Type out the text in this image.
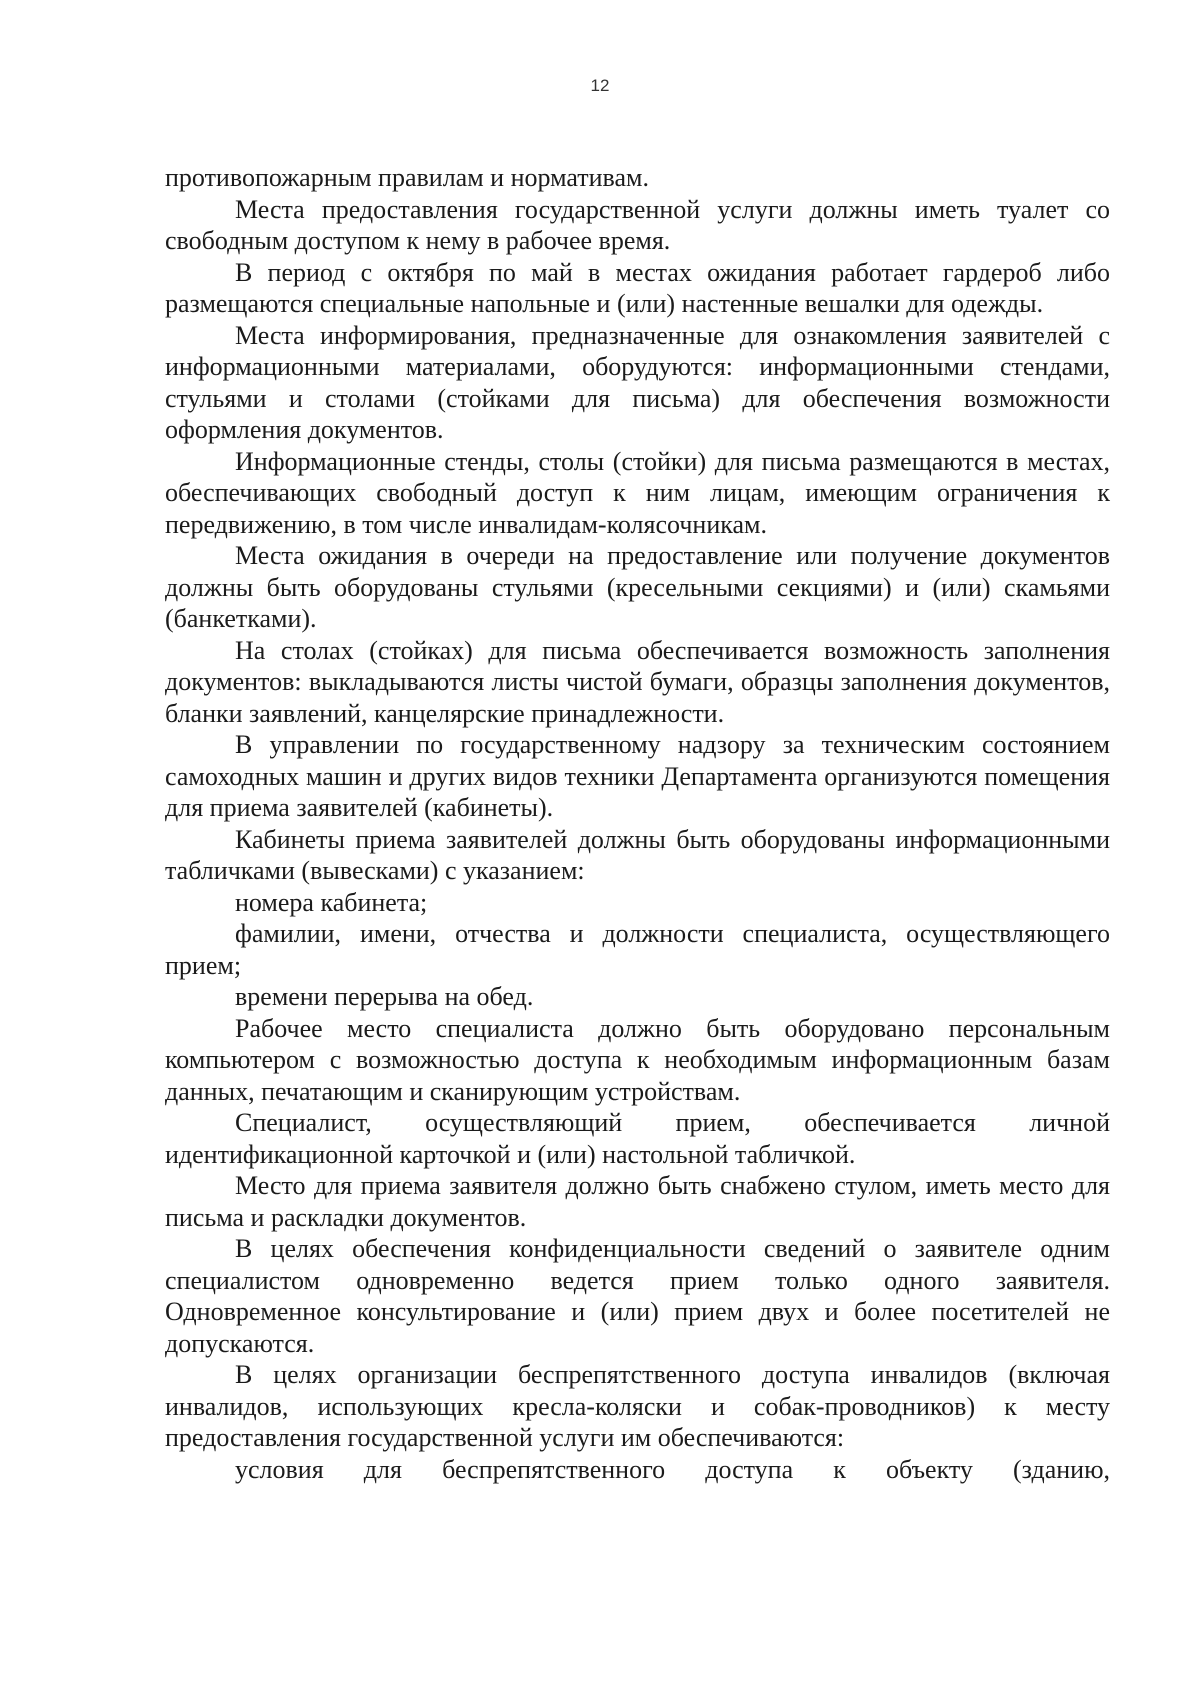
12

противопожарным правилам и нормативам.

Места предоставления государственной услуги должны иметь туалет со свободным доступом к нему в рабочее время.

В период с октября по май в местах ожидания работает гардероб либо размещаются специальные напольные и (или) настенные вешалки для одежды.

Места информирования, предназначенные для ознакомления заявителей с информационными материалами, оборудуются: информационными стендами, стульями и столами (стойками для письма) для обеспечения возможности оформления документов.

Информационные стенды, столы (стойки) для письма размещаются в местах, обеспечивающих свободный доступ к ним лицам, имеющим ограничения к передвижению, в том числе инвалидам-колясочникам.

Места ожидания в очереди на предоставление или получение документов должны быть оборудованы стульями (кресельными секциями) и (или) скамьями (банкетками).

На столах (стойках) для письма обеспечивается возможность заполнения документов: выкладываются листы чистой бумаги, образцы заполнения документов, бланки заявлений, канцелярские принадлежности.

В управлении по государственному надзору за техническим состоянием самоходных машин и других видов техники Департамента организуются помещения для приема заявителей (кабинеты).

Кабинеты приема заявителей должны быть оборудованы информационными табличками (вывесками) с указанием:

номера кабинета;

фамилии, имени, отчества и должности специалиста, осуществляющего прием;

времени перерыва на обед.

Рабочее место специалиста должно быть оборудовано персональным компьютером с возможностью доступа к необходимым информационным базам данных, печатающим и сканирующим устройствам.

Специалист, осуществляющий прием, обеспечивается личной идентификационной карточкой и (или) настольной табличкой.

Место для приема заявителя должно быть снабжено стулом, иметь место для письма и раскладки документов.

В целях обеспечения конфиденциальности сведений о заявителе одним специалистом одновременно ведется прием только одного заявителя. Одновременное консультирование и (или) прием двух и более посетителей не допускаются.

В целях организации беспрепятственного доступа инвалидов (включая инвалидов, использующих кресла-коляски и собак-проводников) к месту предоставления государственной услуги им обеспечиваются:

условия для беспрепятственного доступа к объекту (зданию,
